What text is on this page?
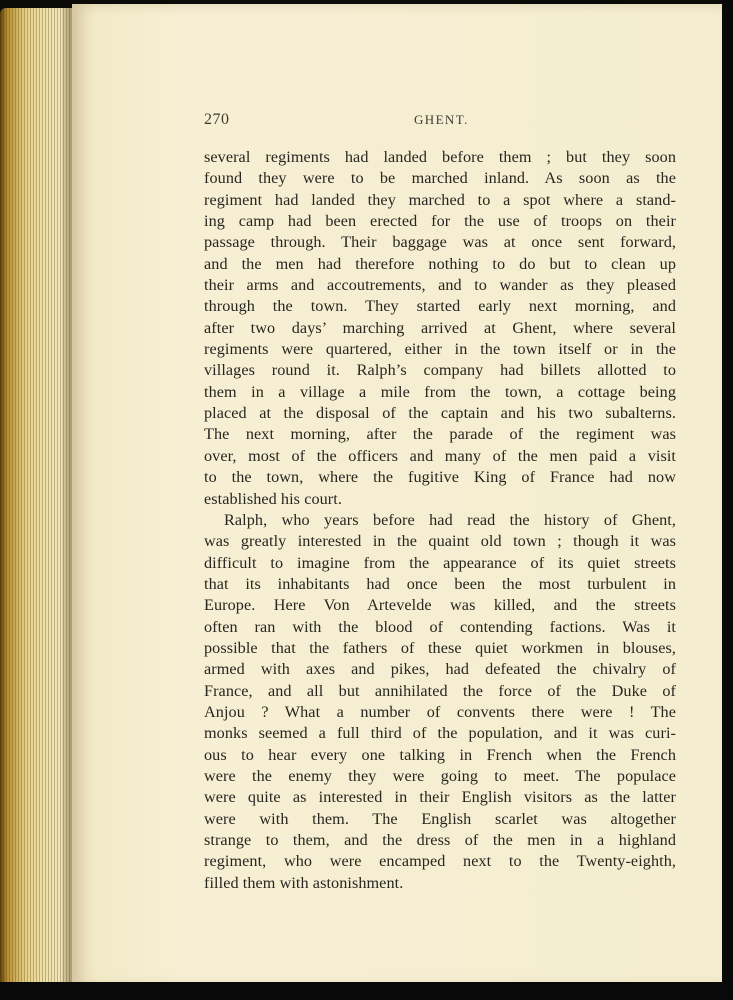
270	GHENT.
several regiments had landed before them ; but they soon
found they were to be marched inland. As soon as the
regiment had landed they marched to a spot where a stand-
ing camp had been erected for the use of troops on their
passage through. Their baggage was at once sent forward,
and the men had therefore nothing to do but to clean up
their arms and accoutrements, and to wander as they pleased
through the town. They started early next morning, and
after two days’ marching arrived at Ghent, where several
regiments were quartered, either in the town itself or in the
villages round it. Ralph’s company had billets allotted to
them in a village a mile from the town, a cottage being
placed at the disposal of the captain and his two subalterns.
The next morning, after the parade of the regiment was
over, most of the officers and many of the men paid a visit
to the town, where the fugitive King of France had now
established his court.
Ralph, who years before had read the history of Ghent,
was greatly interested in the quaint old town ; though it was
difficult to imagine from the appearance of its quiet streets
that its inhabitants had once been the most turbulent in
Europe. Here Von Artevelde was killed, and the streets
often ran with the blood of contending factions. Was it
possible that the fathers of these quiet workmen in blouses,
armed with axes and pikes, had defeated the chivalry of
France, and all but annihilated the force of the Duke of
Anjou ? What a number of convents there were ! The
monks seemed a full third of the population, and it was curi-
ous to hear every one talking in French when the French
were the enemy they were going to meet. The populace
were quite as interested in their English visitors as the latter
were with them. The English scarlet was altogether
strange to them, and the dress of the men in a highland
regiment, who were encamped next to the Twenty-eighth,
filled them with astonishment.
